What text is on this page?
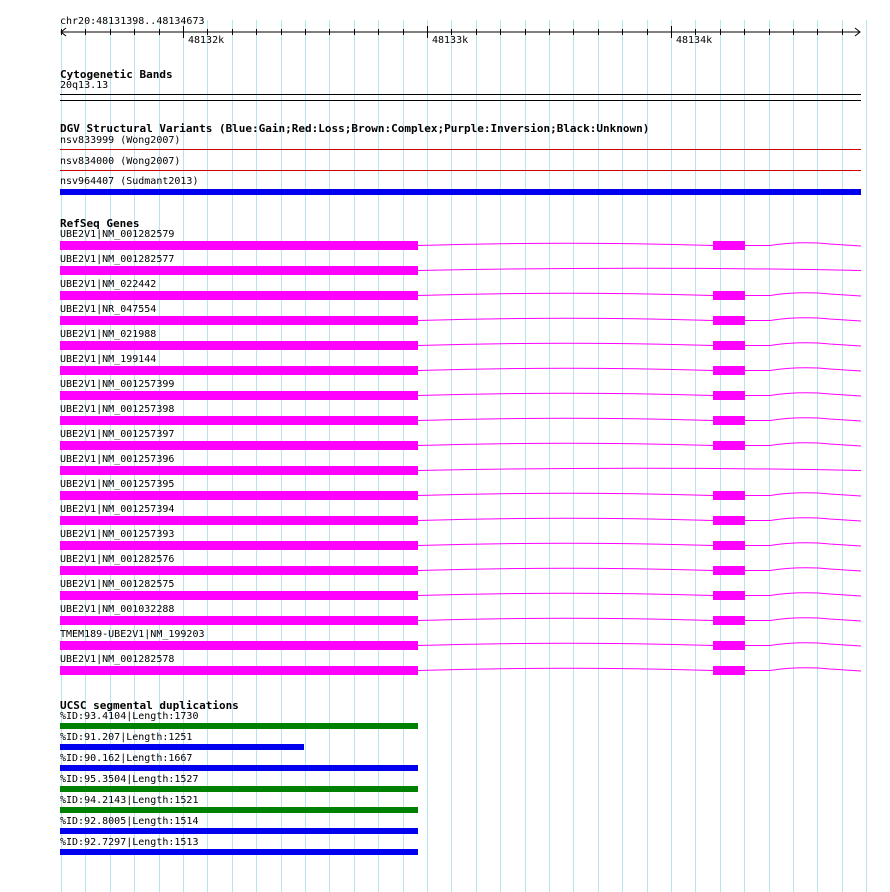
chr20:48131398..48134673
48132k	48133k	48134k
Cytogenetic Bands
20q13.13
DGV Structural Variants (Blue:Gain;Red:Loss;Brown:Complex;Purple:Inversion;Black:Unknown)
nsv833999 (Wong2007)
nsv834000 (Wong2007)
nsv964407 (Sudmant2013)
RefSeq Genes
UBE2V1|NM_001282579
UBE2V1|NM_001282577
UBE2V1|NM_022442
UBE2V1|NR_047554
UBE2V1|NM_021988
UBE2V1|NM_199144
UBE2V1|NM_001257399
UBE2V1|NM_001257398
UBE2V1|NM_001257397
UBE2V1|NM_001257396
UBE2V1|NM_001257395
UBE2V1|NM_001257394
UBE2V1|NM_001257393
UBE2V1|NM_001282576
UBE2V1|NM_001282575
UBE2V1|NM_001032288
TMEM189-UBE2V1|NM_199203
UBE2V1|NM_001282578
UCSC segmental duplications
%ID:93.4104|Length:1730
%ID:91.207|Length:1251
%ID:90.162|Length:1667
%ID:95.3504|Length:1527
%ID:94.2143|Length:1521
%ID:92.8005|Length:1514
%ID:92.7297|Length:1513
